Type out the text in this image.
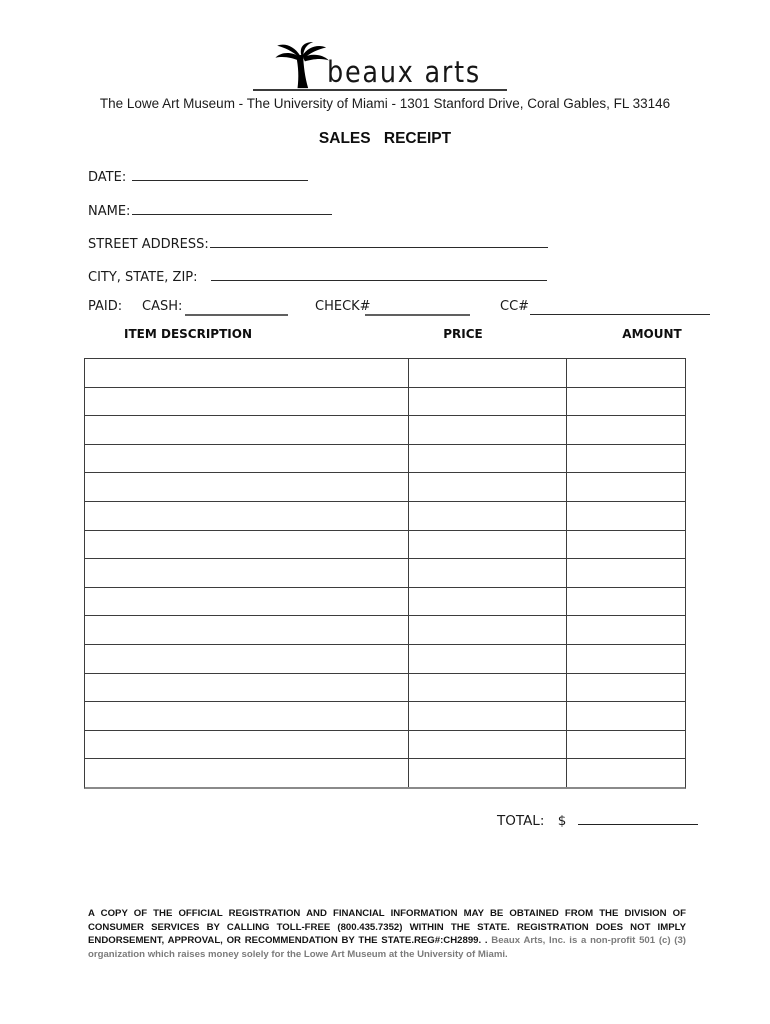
beaux arts
The Lowe Art Museum - The University of Miami - 1301 Stanford Drive, Coral Gables, FL 33146
SALES RECEIPT
DATE:
NAME:
STREET ADDRESS:
CITY, STATE, ZIP:
PAID: CASH:	CHECK#	CC#
ITEM DESCRIPTION	PRICE	AMOUNT
TOTAL: $
A COPY OF THE OFFICIAL REGISTRATION AND FINANCIAL INFORMATION MAY BE OBTAINED FROM THE DIVISION OF CONSUMER SERVICES BY CALLING TOLL-FREE (800.435.7352) WITHIN THE STATE. REGISTRATION DOES NOT IMPLY ENDORSEMENT, APPROVAL, OR RECOMMENDATION BY THE STATE.REG#:CH2899. . Beaux Arts, Inc. is a non-profit 501 (c) (3) organization which raises money solely for the Lowe Art Museum at the University of Miami.
